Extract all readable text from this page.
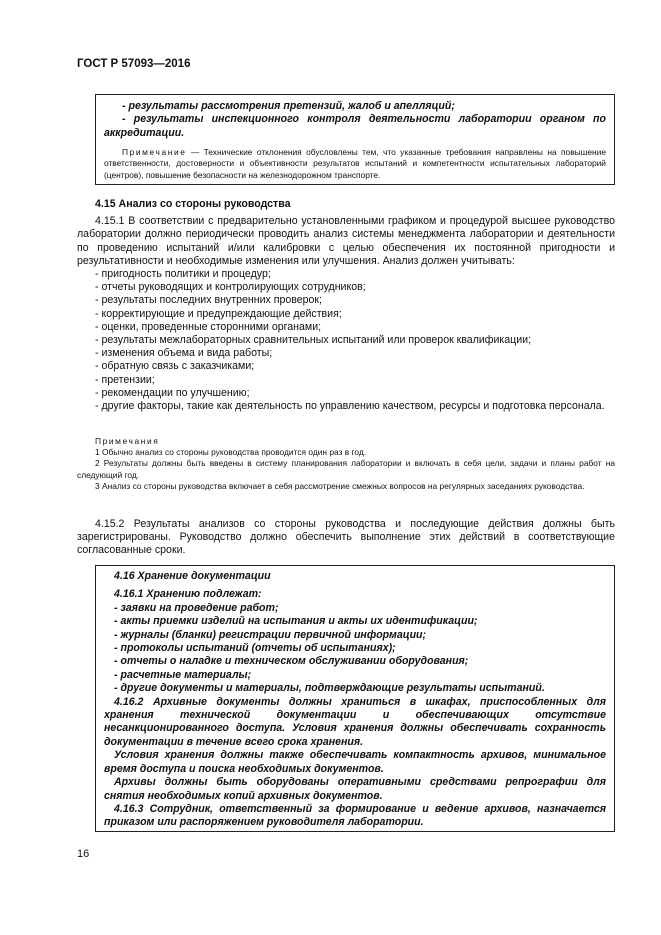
ГОСТ Р 57093—2016
- результаты рассмотрения претензий, жалоб и апелляций;
- результаты инспекционного контроля деятельности лаборатории органом по аккредитации.
Примечание — Технические отклонения обусловлены тем, что указанные требования направлены на повышение ответственности, достоверности и объективности результатов испытаний и компетентности испытательных лабораторий (центров), повышение безопасности на железнодорожном транспорте.
4.15 Анализ со стороны руководства

4.15.1 В соответствии с предварительно установленными графиком и процедурой высшее руководство лаборатории должно периодически проводить анализ системы менеджмента лаборатории и деятельности по проведению испытаний и/или калибровки с целью обеспечения их постоянной пригодности и результативности и необходимые изменения или улучшения. Анализ должен учитывать:

- пригодность политики и процедур;
- отчеты руководящих и контролирующих сотрудников;
- результаты последних внутренних проверок;
- корректирующие и предупреждающие действия;
- оценки, проведенные сторонними органами;
- результаты межлабораторных сравнительных испытаний или проверок квалификации;
- изменения объема и вида работы;
- обратную связь с заказчиками;
- претензии;
- рекомендации по улучшению;
- другие факторы, такие как деятельность по управлению качеством, ресурсы и подготовка персонала.
Примечания
1 Обычно анализ со стороны руководства проводится один раз в год.
2 Результаты должны быть введены в систему планирования лаборатории и включать в себя цели, задачи и планы работ на следующий год.
3 Анализ со стороны руководства включает в себя рассмотрение смежных вопросов на регулярных заседаниях руководства.

4.15.2 Результаты анализов со стороны руководства и последующие действия должны быть зарегистрированы. Руководство должно обеспечить выполнение этих действий в соответствующие согласованные сроки.

4.16 Хранение документации
4.16.1 Хранению подлежат:
- заявки на проведение работ;
- акты приемки изделий на испытания и акты их идентификации;
- журналы (бланки) регистрации первичной информации;
- протоколы испытаний (отчеты об испытаниях);
- отчеты о наладке и техническом обслуживании оборудования;
- расчетные материалы;
- другие документы и материалы, подтверждающие результаты испытаний.
4.16.2 Архивные документы должны храниться в шкафах, приспособленных для хранения технической документации и обеспечивающих отсутствие несанкционированного доступа. Условия хранения должны обеспечивать сохранность документации в течение всего срока хранения.
Условия хранения должны также обеспечивать компактность архивов, минимальное время доступа и поиска необходимых документов.
Архивы должны быть оборудованы оперативными средствами репрографии для снятия необходимых копий архивных документов.
4.16.3 Сотрудник, ответственный за формирование и ведение архивов, назначается приказом или распоряжением руководителя лаборатории.
16
